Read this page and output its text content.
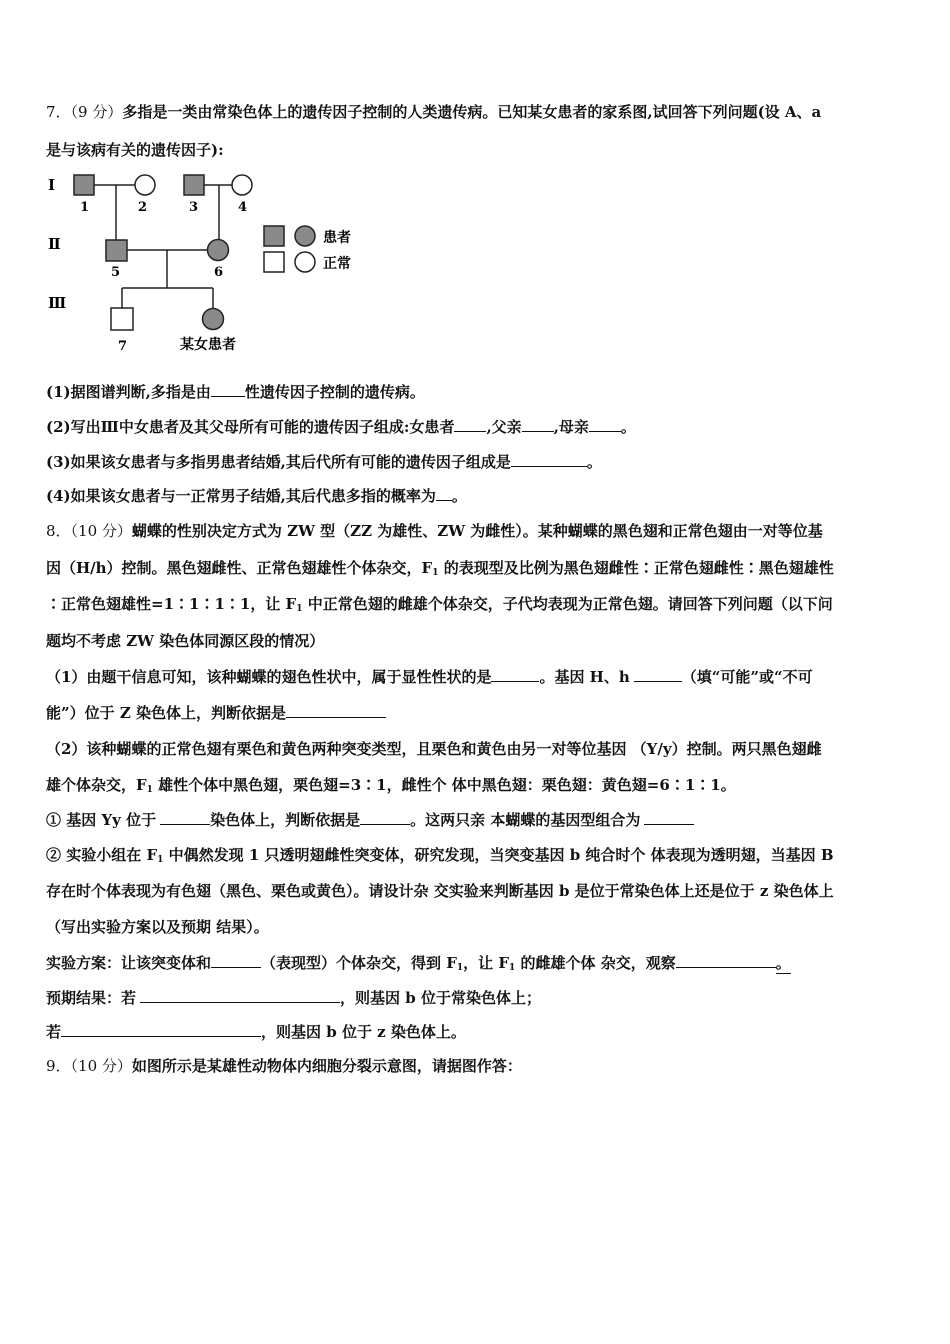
7．（9 分）多指是一类由常染色体上的遗传因子控制的人类遗传病。已知某女患者的家系图,试回答下列问题(设 A、a
是与该病有关的遗传因子):
Ⅰ
Ⅱ
Ⅲ
1	2	3	4
5	6
7	某女患者
患者
正常
(1)据图谱判断,多指是由 性遗传因子控制的遗传病。
(2)写出Ⅲ中女患者及其父母所有可能的遗传因子组成:女患者 ,父亲 ,母亲 。
(3)如果该女患者与多指男患者结婚,其后代所有可能的遗传因子组成是	。
(4)如果该女患者与一正常男子结婚,其后代患多指的概率为 。
8．（10 分）蝴蝶的性别决定方式为 ZW 型（ZZ 为雄性、ZW 为雌性）。某种蝴蝶的黑色翅和正常色翅由一对等位基
因（H/h）控制。黑色翅雌性、正常色翅雄性个体杂交，$F_1$ 的表现型及比例为黑色翅雌性∶正常色翅雌性∶黑色翅雄性
∶正常色翅雄性=1∶1∶1∶1，让 $F_1$ 中正常色翅的雌雄个体杂交，子代均表现为正常色翅。请回答下列问题（以下问
题均不考虑 ZW 染色体同源区段的情况）
（1）由题干信息可知，该种蝴蝶的翅色性状中，属于显性性状的是	。基因 H、h	（填“可能”或“不可
能”）位于 Z 染色体上，判断依据是
（2）该种蝴蝶的正常色翅有栗色和黄色两种突变类型，且栗色和黄色由另一对等位基因 （Y/y）控制。两只黑色翅雌
雄个体杂交，$F_1$ 雄性个体中黑色翅，栗色翅=3∶1，雌性个 体中黑色翅：栗色翅：黄色翅=6∶1∶1。
① 基因 Yy 位于	染色体上，判断依据是	。这两只亲 本蝴蝶的基因型组合为
② 实验小组在 $F_1$ 中偶然发现 1 只透明翅雌性突变体，研究发现，当突变基因 b 纯合时个 体表现为透明翅，当基因 B
存在时个体表现为有色翅（黑色、栗色或黄色）。请设计杂 交实验来判断基因 b 是位于常染色体上还是位于 z 染色体上
（写出实验方案以及预期 结果）。
实验方案：让该突变体和	（表现型）个体杂交，得到 $F_1$，让 $F_1$ 的雌雄个体 杂交，观察	。
预期结果：若	，则基因 b 位于常染色体上；
若	，则基因 b 位于 z 染色体上。
9．（10 分）如图所示是某雄性动物体内细胞分裂示意图，请据图作答：
